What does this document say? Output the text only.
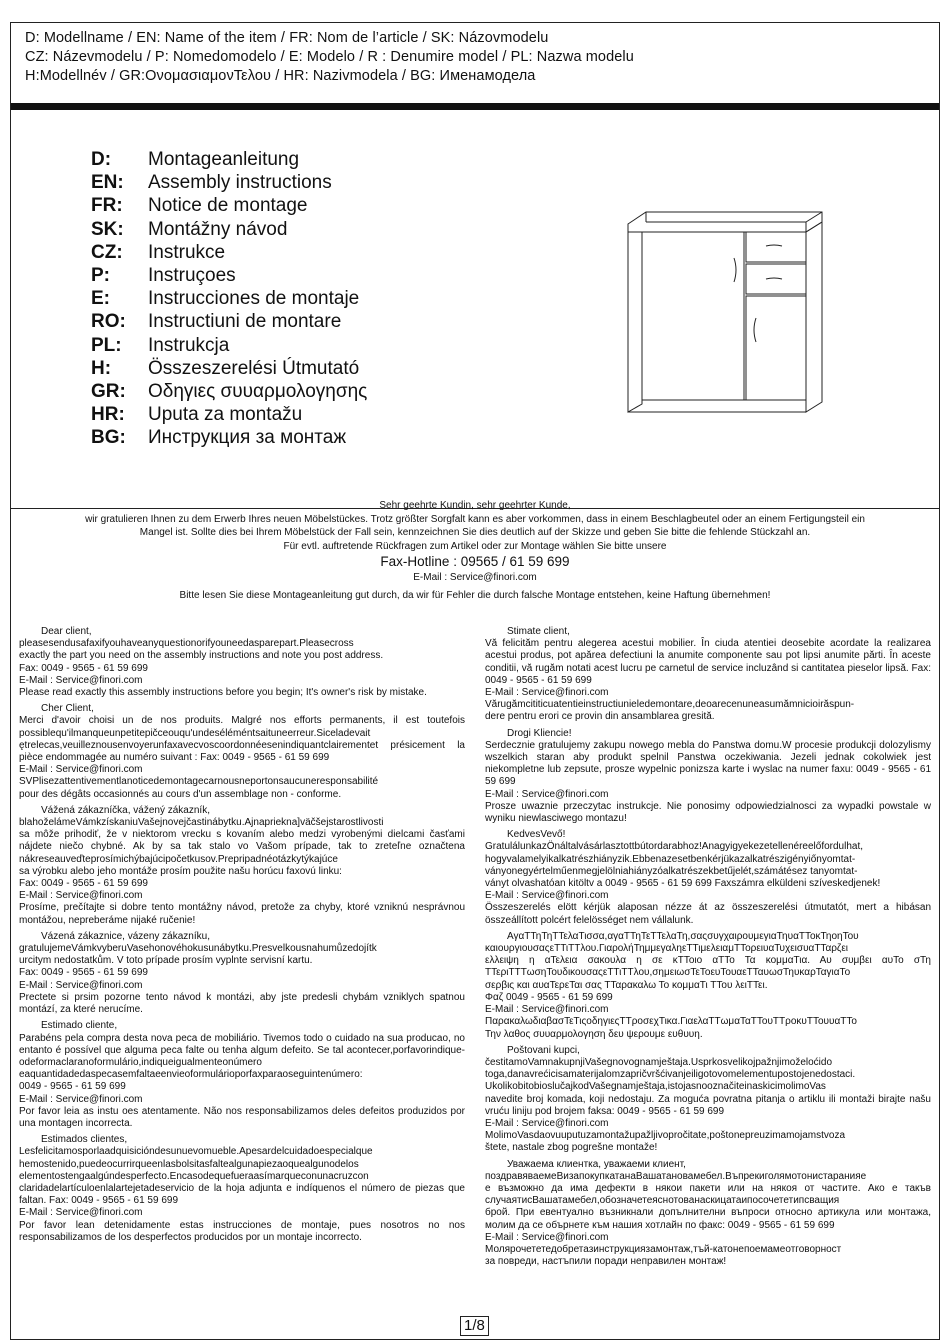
D: Modellname / EN: Name of the item / FR: Nom de l’article / SK: Názovmodelu
CZ: Názevmodelu / P: Nomedomodelo / E: Modelo / R : Denumire model / PL: Nazwa modelu
H:Modellnév / GR:ΟνομασιαμονΤελου / HR: Nazivmodela / BG: Именамодела
D:	Montageanleitung
EN:	Assembly instructions
FR:	Notice de montage
SK:	Montážny návod
CZ:	Instrukce
P:	Instruçoes
E:	Instrucciones de montaje
RO:	Instructiuni de montare
PL:	Instrukcja
H:	Összeszerelési Útmutató
GR:	Οδηγιες συυαρμολογησης
HR:	Uputa za montažu
BG:	Инструкция за монтаж
Sehr geehrte Kundin, sehr geehrter Kunde,
wir gratulieren Ihnen zu dem Erwerb Ihres neuen Möbelstückes. Trotz größter Sorgfalt kann es aber vorkommen, dass in einem Beschlagbeutel oder an einem Fertigungsteil ein
Mangel ist. Sollte dies bei Ihrem Möbelstück der Fall sein, kennzeichnen Sie dies deutlich auf der Skizze und geben Sie bitte die fehlende Stückzahl an.
Für evtl. auftretende Rückfragen zum Artikel oder zur Montage wählen Sie bitte unsere
Fax-Hotline : 09565 / 61 59 699
E-Mail : Service@finori.com
Bitte lesen Sie diese Montageanleitung gut durch, da wir für Fehler die durch falsche Montage entstehen, keine Haftung übernehmen!

Dear client,

pleasesendusafaxifyouhaveanyquestionorifyouneedasparepart.Pleasecross

exactly the part you need on the assembly instructions and note you post address.

Fax: 0049 - 9565 - 61 59 699

E-Mail : Service@finori.com

Please read exactly this assembly instructions before you begin; It's owner's risk by mistake.

Cher Client,

Merci d'avoir choisi un de nos produits. Malgré nos efforts permanents, il est toutefois possiblequ'ilmanqueunpetitepičceouqu'undeséléméntsaituneerreur.Siceladevait

ętrelecas,veuilleznousenvoyerunfaxavecvoscoordonnéesenindiquantclairementet présicement la pièce endommagée au numéro suivant : Fax: 0049 - 9565 - 61 59 699

E-Mail : Service@finori.com

SVPlisezattentivementlanoticedemontagecarnousneportonsaucuneresponsabilité

pour des dégâts occasionnés au cours d'un assemblage non - conforme.

Vážená zákazníčka, vážený zákazník,

blahoželámeVámkzískaniuVašejnovejčastinábytku.Ajnapriekna]väčšejstarostlivosti

sa môže prihodiť, že v niektorom vrecku s kovaním alebo medzi vyrobenými dielcami časťami nájdete niečo chybné. Ak by sa tak stalo vo Vašom prípade, tak to zreteľne označtena nákreseauveďteprosímichýbajúcipočetkusov.Prepripadnéotázkytýkajúce

sa výrobku alebo jeho montáže prosím použite našu horúcu faxovú linku:

Fax: 0049 - 9565 - 61 59 699

E-Mail : Service@finori.com

Prosíme, prečítajte si dobre tento montážny návod, pretože za chyby, ktoré vzniknú nesprávnou montážou, nepreberáme nijaké ručenie!

Vázená zákaznice, vázeny zákazníku,

gratulujemeVámkvyberuVasehonovéhokusunábytku.Presvelkousnahumůzedojítk

urcitym nedostatkům. V toto prípade prosím vyplnte servisní kartu.

Fax: 0049 - 9565 - 61 59 699

E-Mail : Service@finori.com

Prectete si prsim pozorne tento návod k montázi, aby jste predesli chybám vzniklych spatnou montází, za které nerucíme.

Estimado cliente,

Parabéns pela compra desta nova peca de mobiliário. Tivemos todo o cuidado na sua producao, no entanto é possível que alguma peca falte ou tenha algum defeito. Se tal acontecer,porfavorindique-odeformaclaranoformulário,indiqueigualmenteonúmero

eaquantidadedaspecasemfaltaeenvieoformulárioporfaxparaoseguintenúmero:

0049 - 9565 - 61 59 699

E-Mail : Service@finori.com

Por favor leia as instu oes atentamente. Não nos responsabilizamos deles defeitos produzidos por una montagen incorrecta.

Estimados clientes,

Lesfelicitamosporlaadquisicióndesunuevomueble.Apesardelcuidadoespecialque

hemostenido,puedeocurrirqueenlasbolsitasfaltealgunapiezaoquealgunodelos

elementostengaalgúndesperfecto.Encasodequefueraasímarqueconunacruzcon

claridadelartículoenlalartejetadeservicio de la hoja adjunta e indíquenos el número de piezas que faltan. Fax: 0049 - 9565 - 61 59 699

E-Mail : Service@finori.com

Por favor lean detenidamente estas instrucciones de montaje, pues nosotros no nos responsabilizamos de los desperfectos producidos por un montaje incorrecto.

Stimate client,

Vă felicităm pentru alegerea acestui mobilier. În ciuda atentiei deosebite acordate la realizarea acestui produs, pot apărea defectiuni la anumite componente sau pot lipsi anumite părti. În aceste conditii, vă rugăm notati acest lucru pe carnetul de service incluzând si cantitatea pieselor lipsă. Fax: 0049 - 9565 - 61 59 699

E-Mail : Service@finori.com

Vărugămcititicuatentieinstructiunieledemontare,deoarecenuneasumămnicioirăspun-

dere pentru erori ce provin din ansamblarea gresită.

Drogi Kliencie!

Serdecznie gratulujemy zakupu nowego mebla do Panstwa domu.W procesie produkcji dolozylismy wszelkich staran aby produkt spelnil Panstwa oczekiwania. Jezeli jednak cokolwiek jest niekompletne lub zepsute, prosze wypelnic ponizsza karte i wyslac na numer faxu: 0049 - 9565 - 61 59 699

E-Mail : Service@finori.com

Prosze uwaznie przeczytac instrukcje. Nie ponosimy odpowiedzialnosci za wypadki powstale w wyniku niewlasciwego montazu!

KedvesVevő!

GratulálunkazÖnáltalvásárlasztottbútordarabhoz!Anagyigyekezetellenéreelőfordulhat,

hogyvalamelyikalkatrészhiányzik.Ebbenazesetbenkérjükazalkatrészigényiőnyomtat-

ványonegyértelműenmegjelölniahiányzóalkatrészekbetűjelét,számátésez tanyomtat-

ványt olvashatóan kitöltv a 0049 - 9565 - 61 59 699 Faxszámra elküldeni szíveskedjenek!

E-Mail : Service@finori.com

Összeszerelés elött kérjük alaposan nézze át az összeszerelési útmutatót, mert a hibásan összeállított polcért felelösséget nem vállalunk.

ΑγαΤΤηΤηΤΤελαΤισσα,αγαΤΤηΤεΤΤελαΤη,σαςσυγχαιρουμεγιαΤηυαΤΤοκΤηοηΤου

καιουργιουσαςεΤΤιΤΤλου.ΓιαρολήΤημμεγαληεΤΤιμελειαμΤΤορειυαΤυχεισυαΤΤαρζει

ελλειψη η αΤελεια σακουλα η σε κΤΤοιο αΤΤο Τα κομμαΤια. Αυ συμβει αυΤο σΤη ΤΤεριΤΤΤωσηΤουδικουσαςεΤΤιΤΤλου,σημειωσΤεΤοευΤουαεΤΤαυωσΤηυκαρΤαγιαΤο

σερβις και αυαΤερεΤαι σας ΤΤαρακαλω Το κομμαΤι ΤΤου λειΤΤει.

Φαζ 0049 - 9565 - 61 59 699

E-Mail : Service@finori.com

ΠαρακαλωδιαβασΤεΤιςοδηγιεςΤΤροσεχΤικα.ΓιαελαΤΤωμαΤαΤΤουΤΤροκυΤΤουυαΤΤο

Την λαθος συυαρμολογηση δευ ψερουμε ευθυυη.

Poštovani kupci,

čestitamoVamnakupnjiVašegnovognamještaja.Usprkosvelikojpažnjimoželoćido

toga,danavrećicisamaterijalomzapričvršćivanjeiligotovomelementupostojenedostaci.

UkolikobitobioslučajkodVašegnamještaja,istojasnooznačiteinaskicimolimoVas

navedite broj komada, koji nedostaju. Za moguća povratna pitanja o artiklu ili montaži birajte našu vruću liniju pod brojem faksa: 0049 - 9565 - 61 59 699

E-Mail : Service@finori.com

MolimoVasdaovuuputuzamontažupažljivopročitate,poštonepreuzimamojamstvoza

štete, nastale zbog pogrešne montaže!

Уважаема клиентка, уважаеми клиент,

поздравяваемеВизапокупкатанаВашатановамебел.Въпрекиголямотонистаранияе

е възможно да има дефекти в някои пакети или на някоя от частите. Ако е такъв случаятисВашатамебел,обозначетеяснотованаскицатаипосочететипсващия

брой. При евентуално възникнали допълнителни въпроси относно артикула или монтажа, молим да се обърнете към нашия хотлайн по факс: 0049 - 9565 - 61 59 699

E-Mail : Service@finori.com

Молярочететедобретазинструкциязамонтаж,тъй-катонепоемамеотговорност

за повреди, настъпили поради неправилен монтаж!

1/8
